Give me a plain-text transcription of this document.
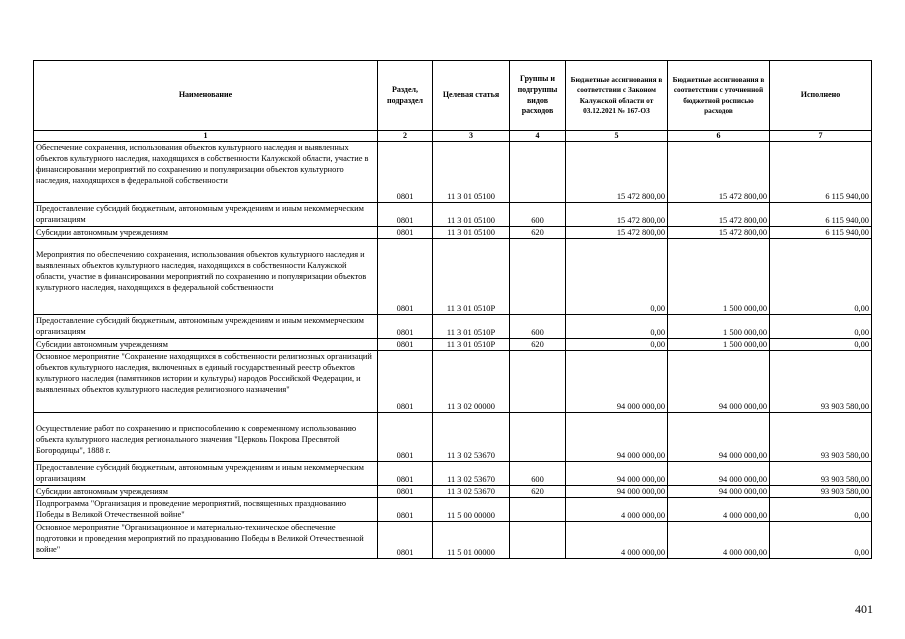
Наименование	Раздел, подраздел	Целевая статья	Группы и подгруппы видов расходов	Бюджетные ассигнования в соответствии с Законом Калужской области от 03.12.2021 № 167-ОЗ	Бюджетные ассигнования в соответствии с уточненной бюджетной росписью расходов	Исполнено
1	2	3	4	5	6	7
Обеспечение сохранения, использования объектов культурного наследия и выявленных объектов культурного наследия, находящихся в собственности Калужской области, участие в финансировании мероприятий по сохранению и популяризации объектов культурного наследия, находящихся в федеральной собственности	0801	11 3 01 05100		15 472 800,00	15 472 800,00	6 115 940,00
Предоставление субсидий бюджетным, автономным учреждениям и иным некоммерческим организациям	0801	11 3 01 05100	600	15 472 800,00	15 472 800,00	6 115 940,00
Субсидии автономным учреждениям	0801	11 3 01 05100	620	15 472 800,00	15 472 800,00	6 115 940,00
Мероприятия по обеспечению сохранения, использования объектов культурного наследия и выявленных объектов культурного наследия, находящихся в собственности Калужской области, участие в финансировании мероприятий по сохранению и популяризации объектов культурного наследия, находящихся в федеральной собственности	0801	11 3 01 0510Р		0,00	1 500 000,00	0,00
Предоставление субсидий бюджетным, автономным учреждениям и иным некоммерческим организациям	0801	11 3 01 0510Р	600	0,00	1 500 000,00	0,00
Субсидии автономным учреждениям	0801	11 3 01 0510Р	620	0,00	1 500 000,00	0,00
Основное мероприятие "Сохранение находящихся в собственности религиозных организаций объектов культурного наследия, включенных в единый государственный реестр объектов культурного наследия (памятников истории и культуры) народов Российской Федерации, и выявленных объектов культурного наследия религиозного назначения"	0801	11 3 02 00000		94 000 000,00	94 000 000,00	93 903 580,00
Осуществление работ по сохранению и приспособлению к современному использованию объекта культурного наследия регионального значения "Церковь Покрова Пресвятой Богородицы", 1888 г.	0801	11 3 02 53670		94 000 000,00	94 000 000,00	93 903 580,00
Предоставление субсидий бюджетным, автономным учреждениям и иным некоммерческим организациям	0801	11 3 02 53670	600	94 000 000,00	94 000 000,00	93 903 580,00
Субсидии автономным учреждениям	0801	11 3 02 53670	620	94 000 000,00	94 000 000,00	93 903 580,00
Подпрограмма "Организация и проведение мероприятий, посвященных празднованию Победы в Великой Отечественной войне"	0801	11 5 00 00000		4 000 000,00	4 000 000,00	0,00
Основное мероприятие "Организационное и материально-техническое обеспечение подготовки и проведения мероприятий по празднованию Победы в Великой Отечественной войне"	0801	11 5 01 00000		4 000 000,00	4 000 000,00	0,00
401
